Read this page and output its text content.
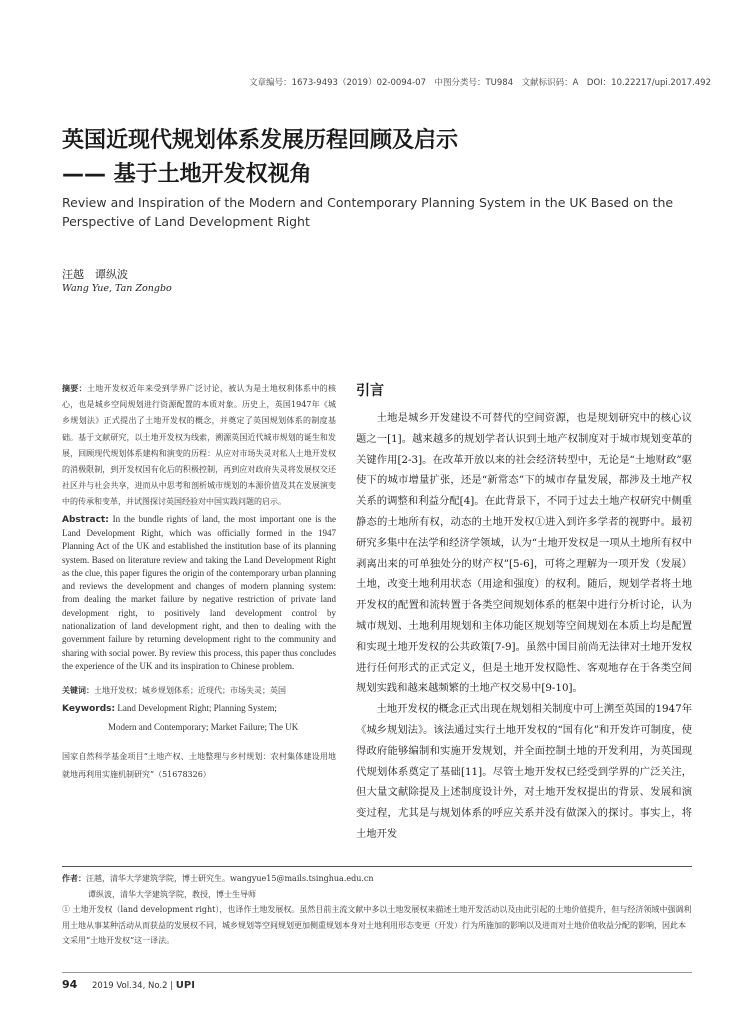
文章编号：1673-9493（2019）02-0094-07　中图分类号：TU984　文献标识码：A　DOI：10.22217/upi.2017.492
英国近现代规划体系发展历程回顾及启示
—— 基于土地开发权视角
Review and Inspiration of the Modern and Contemporary Planning System in the UK Based on the Perspective of Land Development Right
汪越　谭纵波
Wang Yue, Tan Zongbo
摘要：土地开发权近年来受到学界广泛讨论，被认为是土地权利体系中的核心，也是城乡空间规划进行资源配置的本质对象。历史上，英国1947年《城乡规划法》正式提出了土地开发权的概念，并奠定了英国规划体系的制度基础。基于文献研究，以土地开发权为线索，溯源英国近代城市规划的诞生和发展，回顾现代规划体系建构和演变的历程：从应对市场失灵对私人土地开发权的消极限制，到开发权国有化后的积极控制，再到应对政府失灵将发展权交还社区并与社会共享，进而从中思考和剖析城市规划的本源价值及其在发展演变中的传承和变革，并试图探讨英国经验对中国实践问题的启示。
Abstract: In the bundle rights of land, the most important one is the Land Development Right, which was officially formed in the 1947 Planning Act of the UK and established the institution base of its planning system. Based on literature review and taking the Land Development Right as the clue, this paper figures the origin of the contemporary urban planning and reviews the development and changes of modern planning system: from dealing the market failure by negative restriction of private land development right, to positively land development control by nationalization of land development right, and then to dealing with the government failure by returning development right to the community and sharing with social power. By review this process, this paper thus concludes the experience of the UK and its inspiration to Chinese problem.
关键词：土地开发权；城乡规划体系；近现代；市场失灵；英国
Keywords: Land Development Right; Planning System;
Modern and Contemporary; Market Failure; The UK
国家自然科学基金项目“土地产权、土地整理与乡村规划：农村集体建设用地就地再利用实施机制研究”（51678326）
引言

土地是城乡开发建设不可替代的空间资源，也是规划研究中的核心议题之一[1]。越来越多的规划学者认识到土地产权制度对于城市规划变革的关键作用[2-3]。在改革开放以来的社会经济转型中，无论是“土地财政”驱使下的城市增量扩张，还是“新常态”下的城市存量发展，都涉及土地产权关系的调整和利益分配[4]。在此背景下，不同于过去土地产权研究中侧重静态的土地所有权，动态的土地开发权①进入到许多学者的视野中。最初研究多集中在法学和经济学领域，认为“土地开发权是一项从土地所有权中剥离出来的可单独处分的财产权”[5-6]，可将之理解为一项开发（发展）土地，改变土地利用状态（用途和强度）的权利。随后，规划学者将土地开发权的配置和流转置于各类空间规划体系的框架中进行分析讨论，认为城市规划、土地利用规划和主体功能区规划等空间规划在本质上均是配置和实现土地开发权的公共政策[7-9]。虽然中国目前尚无法律对土地开发权进行任何形式的正式定义，但是土地开发权隐性、客观地存在于各类空间规划实践和越来越频繁的土地产权交易中[9-10]。

土地开发权的概念正式出现在规划相关制度中可上溯至英国的1947年《城乡规划法》。该法通过实行土地开发权的“国有化”和开发许可制度，使得政府能够编制和实施开发规划，并全面控制土地的开发利用，为英国现代规划体系奠定了基础[11]。尽管土地开发权已经受到学界的广泛关注，但大量文献除提及上述制度设计外，对土地开发权提出的背景、发展和演变过程，尤其是与规划体系的呼应关系并没有做深入的探讨。事实上，将土地开发

作者：汪越，清华大学建筑学院，博士研究生。wangyue15@mails.tsinghua.edu.cn
谭纵波，清华大学建筑学院，教授，博士生导师
① 土地开发权（land development right），也译作土地发展权。虽然目前主流文献中多以土地发展权来描述土地开发活动以及由此引起的土地价值提升，但与经济领域中强调利用土地从事某种活动从而获益的发展权不同，城乡规划等空间规划更加侧重规划本身对土地利用形态变更（开发）行为所施加的影响以及进而对土地价值收益分配的影响，因此本文采用“土地开发权”这一译法。
94 2019 Vol.34, No.2 | UPI
